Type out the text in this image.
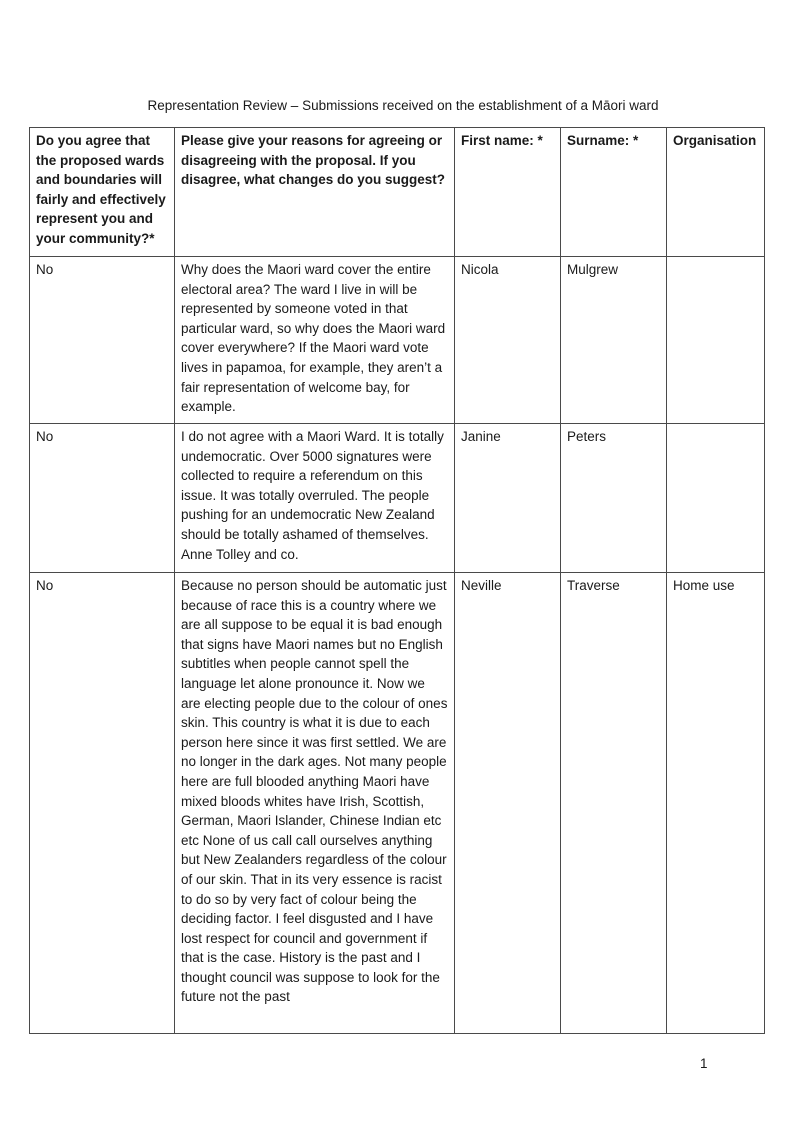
Representation Review – Submissions received on the establishment of a Māori ward
Do you agree that the proposed wards and boundaries will fairly and effectively represent you and your community?*	Please give your reasons for agreeing or disagreeing with the proposal. If you disagree, what changes do you suggest?	First name: *	Surname: *	Organisation
No	Why does the Maori ward cover the entire electoral area? The ward I live in will be represented by someone voted in that particular ward, so why does the Maori ward cover everywhere? If the Maori ward vote lives in papamoa, for example, they aren’t a fair representation of welcome bay, for example.	Nicola	Mulgrew	
No	I do not agree with a Maori Ward. It is totally undemocratic. Over 5000 signatures were collected to require a referendum on this issue. It was totally overruled. The people pushing for an undemocratic New Zealand should be totally ashamed of themselves. Anne Tolley and co.	Janine	Peters	
No	Because no person should be automatic just because of race this is a country where we are all suppose to be equal it is bad enough that signs have Maori names but no English subtitles when people cannot spell the language let alone pronounce it. Now we are electing people due to the colour of ones skin. This country is what it is due to each person here since it was first settled. We are no longer in the dark ages. Not many people here are full blooded anything Maori have mixed bloods whites have Irish, Scottish, German, Maori Islander, Chinese Indian etc etc None of us call call ourselves anything but New Zealanders regardless of the colour of our skin. That in its very essence is racist to do so by very fact of colour being the deciding factor. I feel disgusted and I have lost respect for council and government if that is the case. History is the past and I thought council was suppose to look for the future not the past	Neville	Traverse	Home use
1
